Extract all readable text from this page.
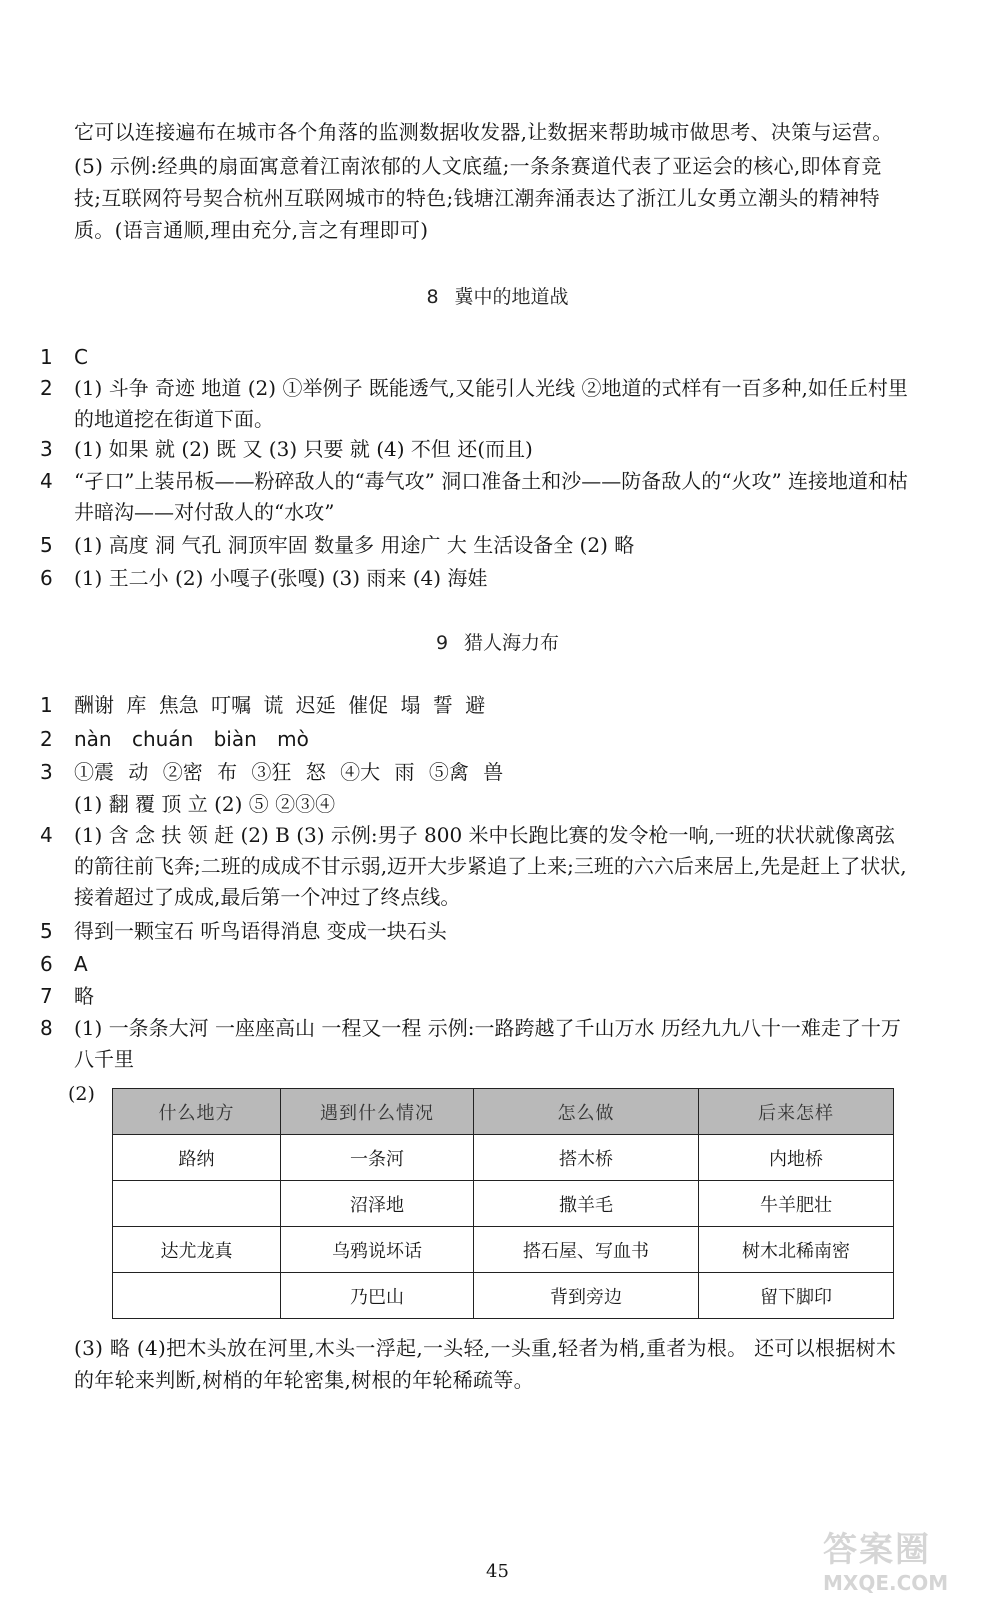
它可以连接遍布在城市各个角落的监测数据收发器,让数据来帮助城市做思考、决策与运营。
(5) 示例:经典的扇面寓意着江南浓郁的人文底蕴;一条条赛道代表了亚运会的核心,即体育竞技;互联网符号契合杭州互联网城市的特色;钱塘江潮奔涌表达了浙江儿女勇立潮头的精神特质。(语言通顺,理由充分,言之有理即可)
8 冀中的地道战
1	C
2	(1) 斗争 奇迹 地道 (2) ①举例子 既能透气,又能引人光线 ②地道的式样有一百多种,如任丘村里的地道挖在街道下面。
3	(1) 如果 就 (2) 既 又 (3) 只要 就 (4) 不但 还(而且)
4	“孑口”上装吊板——粉碎敌人的“毒气攻” 洞口准备土和沙——防备敌人的“火攻” 连接地道和枯井暗沟——对付敌人的“水攻”
5	(1) 高度 洞 气孔 洞顶牢固 数量多 用途广 大 生活设备全 (2) 略
6	(1) 王二小 (2) 小嘎子(张嘎) (3) 雨来 (4) 海娃
9 猎人海力布
1	酬谢 库 焦急 叮嘱 谎 迟延 催促 塌 誓 避
2	nàn chuán biàn mò
3	①震 动 ②密 布 ③狂 怒 ④大 雨 ⑤禽 兽
(1) 翻 覆 顶 立 (2) ⑤ ②③④
4	(1) 含 念 扶 领 赶 (2) B (3) 示例:男子 800 米中长跑比赛的发令枪一响,一班的状状就像离弦的箭往前飞奔;二班的成成不甘示弱,迈开大步紧追了上来;三班的六六后来居上,先是赶上了状状,接着超过了成成,最后第一个冲过了终点线。
5	得到一颗宝石 听鸟语得消息 变成一块石头
6	A
7	略
8	(1) 一条条大河 一座座高山 一程又一程 示例:一路跨越了千山万水 历经九九八十一难走了十万八千里
(2)
什么地方	遇到什么情况	怎么做	后来怎样
路纳	一条河	搭木桥	内地桥
	沼泽地	撒羊毛	牛羊肥壮
达尤龙真	乌鸦说坏话	搭石屋、写血书	树木北稀南密
	乃巴山	背到旁边	留下脚印
(3) 略 (4)把木头放在河里,木头一浮起,一头轻,一头重,轻者为梢,重者为根。 还可以根据树木的年轮来判断,树梢的年轮密集,树根的年轮稀疏等。
45
答案圈
MXQE.COM
